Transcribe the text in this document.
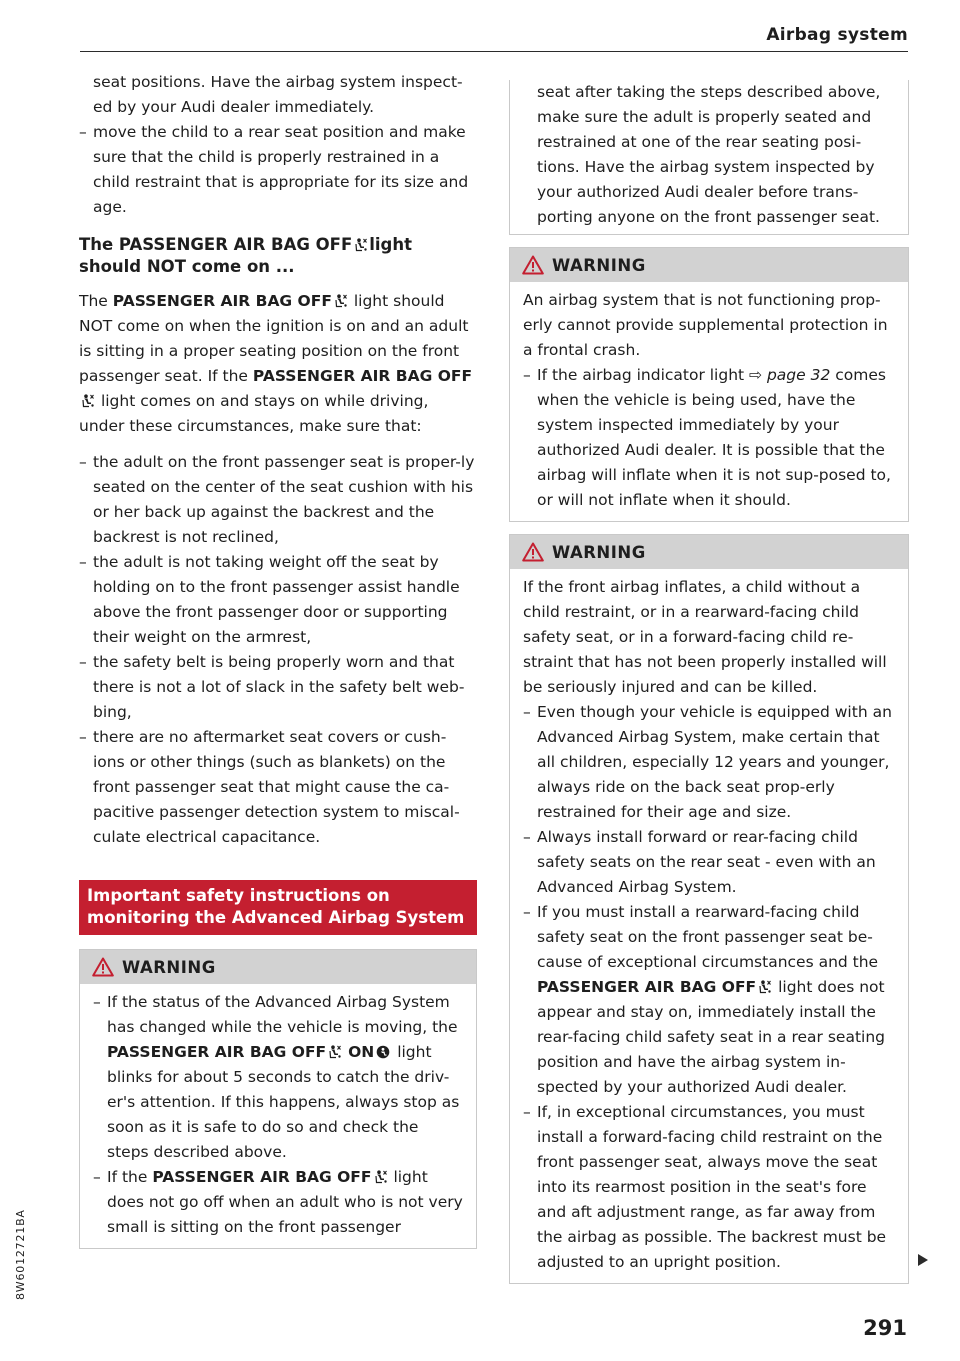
Airbag system

seat positions. Have the airbag system inspect-
ed by your Audi dealer immediately.

– move the child to a rear seat position and make sure that the child is properly restrained in a child restraint that is appropriate for its size and age.
The PASSENGER AIR BAG OFF light should NOT come on ...

The PASSENGER AIR BAG OFF light should NOT come on when the ignition is on and an adult is sitting in a proper seating position on the front passenger seat. If the PASSENGER AIR BAG OFF light comes on and stays on while driving, under these circumstances, make sure that:

– the adult on the front passenger seat is proper-ly seated on the center of the seat cushion with his or her back up against the backrest and the backrest is not reclined,
– the adult is not taking weight off the seat by holding on to the front passenger assist handle above the front passenger door or supporting their weight on the armrest,
– the safety belt is being properly worn and that there is not a lot of slack in the safety belt web-bing,
– there are no aftermarket seat covers or cush-ions or other things (such as blankets) on the front passenger seat that might cause the ca-pacitive passenger detection system to miscal-culate electrical capacitance.
Important safety instructions on monitoring the Advanced Airbag System
WARNING
– If the status of the Advanced Airbag System has changed while the vehicle is moving, the PASSENGER AIR BAG OFF ON light blinks for about 5 seconds to catch the driv-er's attention. If this happens, always stop as soon as it is safe to do so and check the steps described above.
– If the PASSENGER AIR BAG OFF light does not go off when an adult who is not very small is sitting on the front passenger

seat after taking the steps described above, make sure the adult is properly seated and restrained at one of the rear seating posi-tions. Have the airbag system inspected by your authorized Audi dealer before trans-porting anyone on the front passenger seat.

WARNING

An airbag system that is not functioning prop-erly cannot provide supplemental protection in a frontal crash.

– If the airbag indicator light ⇨ page 32 comes when the vehicle is being used, have the system inspected immediately by your authorized Audi dealer. It is possible that the airbag will inflate when it is not sup-posed to, or will not inflate when it should.
WARNING

If the front airbag inflates, a child without a child restraint, or in a rearward-facing child safety seat, or in a forward-facing child re-straint that has not been properly installed will be seriously injured and can be killed.

– Even though your vehicle is equipped with an Advanced Airbag System, make certain that all children, especially 12 years and younger, always ride on the back seat prop-erly restrained for their age and size.
– Always install forward or rear-facing child safety seats on the rear seat - even with an Advanced Airbag System.
– If you must install a rearward-facing child safety seat on the front passenger seat be-cause of exceptional circumstances and the PASSENGER AIR BAG OFF light does not appear and stay on, immediately install the rear-facing child safety seat in a rear seating position and have the airbag system in-spected by your authorized Audi dealer.
– If, in exceptional circumstances, you must install a forward-facing child restraint on the front passenger seat, always move the seat into its rearmost position in the seat's fore and aft adjustment range, as far away from the airbag as possible. The backrest must be adjusted to an upright position.

291

8W6012721BA
